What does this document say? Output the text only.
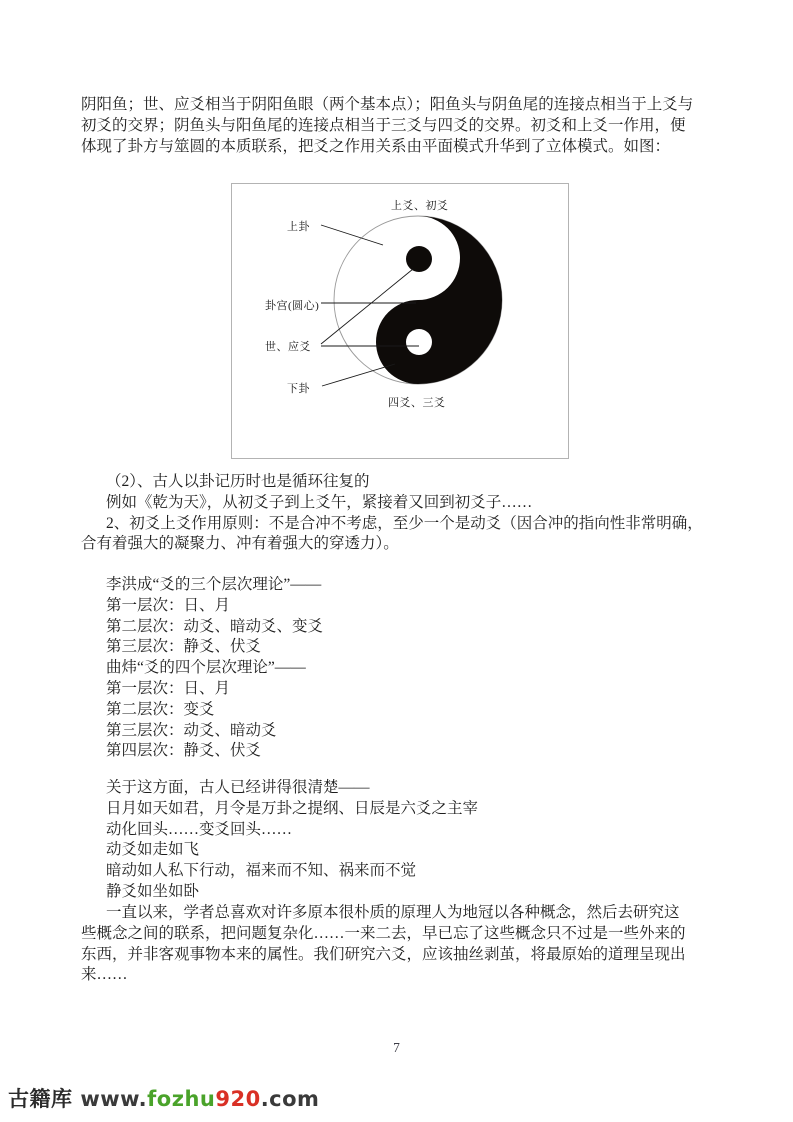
阴阳鱼；世、应爻相当于阴阳鱼眼（两个基本点）；阳鱼头与阴鱼尾的连接点相当于上爻与
初爻的交界；阴鱼头与阳鱼尾的连接点相当于三爻与四爻的交界。初爻和上爻一作用，便
体现了卦方与筮圆的本质联系，把爻之作用关系由平面模式升华到了立体模式。如图：
上爻、初爻
上卦
卦宫(圆心)
世、应爻
下卦
四爻、三爻
（2）、古人以卦记历时也是循环往复的
例如《乾为天》，从初爻子到上爻午，紧接着又回到初爻子……
2、初爻上爻作用原则：不是合冲不考虑，至少一个是动爻（因合冲的指向性非常明确，
合有着强大的凝聚力、冲有着强大的穿透力）。
李洪成“爻的三个层次理论”——
第一层次：日、月
第二层次：动爻、暗动爻、变爻
第三层次：静爻、伏爻
曲炜“爻的四个层次理论”——
第一层次：日、月
第二层次：变爻
第三层次：动爻、暗动爻
第四层次：静爻、伏爻
关于这方面，古人已经讲得很清楚——
日月如天如君，月令是万卦之提纲、日辰是六爻之主宰
动化回头……变爻回头……
动爻如走如飞
暗动如人私下行动，福来而不知、祸来而不觉
静爻如坐如卧
一直以来，学者总喜欢对许多原本很朴质的原理人为地冠以各种概念，然后去研究这
些概念之间的联系，把问题复杂化……一来二去，早已忘了这些概念只不过是一些外来的
东西，并非客观事物本来的属性。我们研究六爻，应该抽丝剥茧，将最原始的道理呈现出
来……
7
古籍库 www.fozhu920.com
